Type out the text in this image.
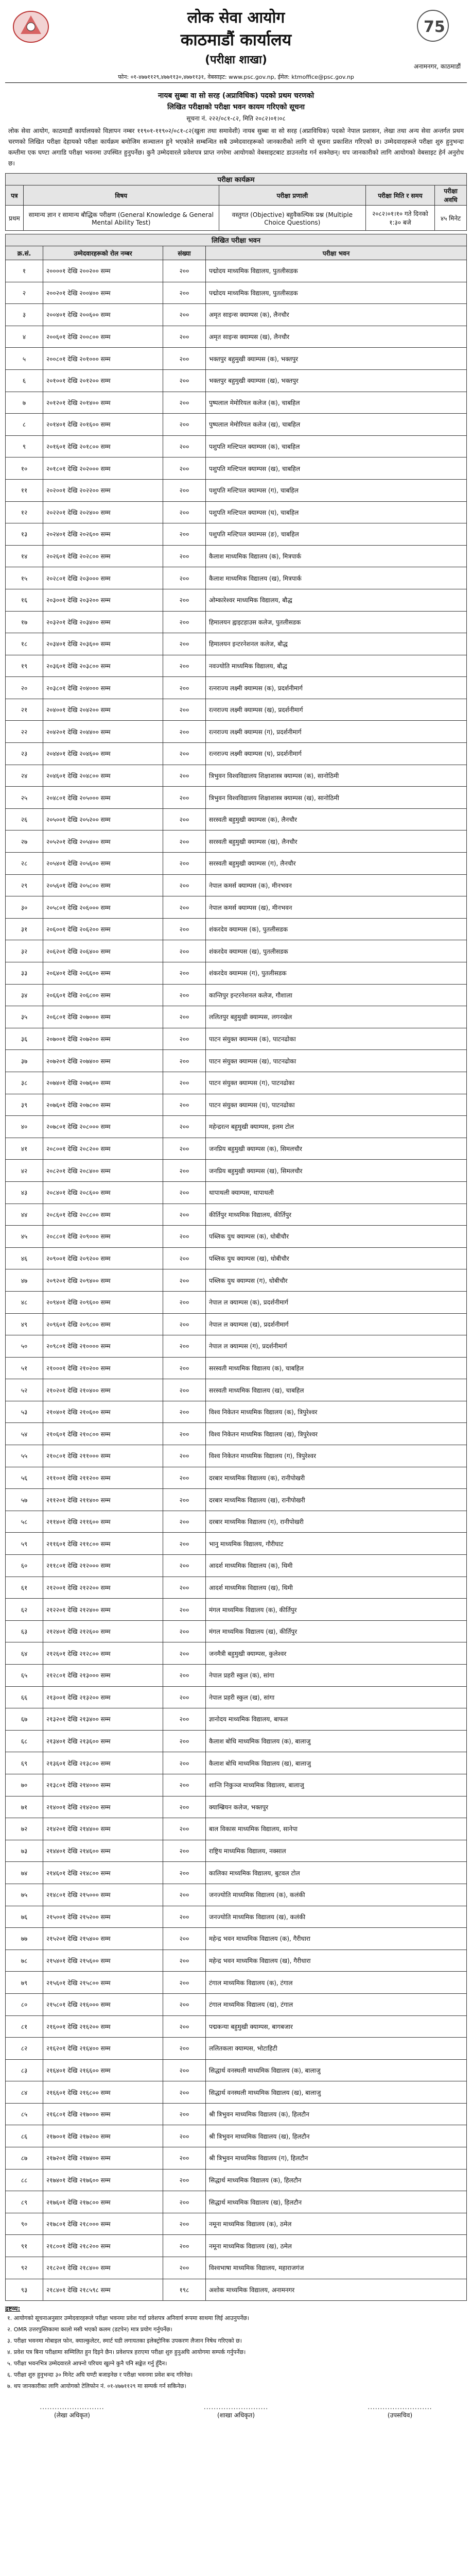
75
लोक सेवा आयोग
काठमाडौं कार्यालय
(परीक्षा शाखा)	अनामनगर, काठमाडौं
फोन: ०१-४७७११२९,४७७११३०,४७७११३१, वेबसाइट: www.psc.gov.np, ईमेल: ktmoffice@psc.gov.np
नायब सुब्बा वा सो सरह (अप्राविधिक) पदको प्रथम चरणको
लिखित परीक्षाको परीक्षा भवन कायम गरिएको सूचना
सूचना नं. २२२/०८१-८२, मिति २०८२।०१।०८
लोक सेवा आयोग, काठमाडौं कार्यालयको विज्ञापन नम्बर ११९०१-११९०२/०८१-८२(खुला तथा समावेशी) नायब सुब्बा वा सो सरह (अप्राविधिक) पदको नेपाल प्रशासन, लेखा तथा अन्य सेवा अन्तर्गत प्रथम चरणको लिखित परीक्षा देहायको परीक्षा कार्यक्रम बमोजिम सञ्चालन हुने भएकोले सम्बन्धित सबै उम्मेदवारहरूको जानकारीको लागि यो सूचना प्रकाशित गरिएको छ। उम्मेदवारहरूले परीक्षा शुरु हुनुभन्दा कम्तीमा एक घण्टा अगाडि परीक्षा भवनमा उपस्थित हुनुपर्नेछ। कुनै उम्मेदवारले प्रवेशपत्र प्राप्त नगरेमा आयोगको वेबसाइटबाट डाउनलोड गर्न सक्नेछन्। थप जानकारीको लागि आयोगको वेबसाइट हेर्न अनुरोध छ।
परीक्षा कार्यक्रम				
पत्र	विषय	परीक्षा प्रणाली	परीक्षा मिति र समय	परीक्षा अवधि
प्रथम	सामान्य ज्ञान र सामान्य बौद्धिक परीक्षण (General Knowledge & General Mental Ability Test)	वस्तुगत (Objective) बहुवैकल्पिक प्रश्न (Multiple Choice Questions)	२०८२।०१।१० गते दिनको १:३० बजे	४५ मिनेट
लिखित परीक्षा भवन
क्र.सं.	उम्मेदवारहरूको रोल नम्बर	संख्या	परीक्षा भवन
१	२००००१ देखि २००२०० सम्म	२००	पद्मोदय माध्यमिक विद्यालय, पुतलीसडक
२	२००२०१ देखि २००४०० सम्म	२००	पद्मोदय माध्यमिक विद्यालय, पुतलीसडक
३	२००४०१ देखि २००६०० सम्म	२००	अमृत साइन्स क्याम्पस (क), लैनचौर
४	२००६०१ देखि २००८०० सम्म	२००	अमृत साइन्स क्याम्पस (ख), लैनचौर
५	२००८०१ देखि २०१००० सम्म	२००	भक्तपुर बहुमुखी क्याम्पस (क), भक्तपुर
६	२०१००१ देखि २०१२०० सम्म	२००	भक्तपुर बहुमुखी क्याम्पस (ख), भक्तपुर
७	२०१२०१ देखि २०१४०० सम्म	२००	पुष्पलाल मेमोरियल कलेज (क), चाबहिल
८	२०१४०१ देखि २०१६०० सम्म	२००	पुष्पलाल मेमोरियल कलेज (ख), चाबहिल
९	२०१६०१ देखि २०१८०० सम्म	२००	पशुपति मल्टिपल क्याम्पस (क), चाबहिल
१०	२०१८०१ देखि २०२००० सम्म	२००	पशुपति मल्टिपल क्याम्पस (ख), चाबहिल
११	२०२००१ देखि २०२२०० सम्म	२००	पशुपति मल्टिपल क्याम्पस (ग), चाबहिल
१२	२०२२०१ देखि २०२४०० सम्म	२००	पशुपति मल्टिपल क्याम्पस (घ), चाबहिल
१३	२०२४०१ देखि २०२६०० सम्म	२००	पशुपति मल्टिपल क्याम्पस (ङ), चाबहिल
१४	२०२६०१ देखि २०२८०० सम्म	२००	कैलाश माध्यमिक विद्यालय (क), मित्रपार्क
१५	२०२८०१ देखि २०३००० सम्म	२००	कैलाश माध्यमिक विद्यालय (ख), मित्रपार्क
१६	२०३००१ देखि २०३२०० सम्म	२००	ओम्कारेश्वर माध्यमिक विद्यालय, बौद्ध
१७	२०३२०१ देखि २०३४०० सम्म	२००	हिमालयन ह्वाइटहाउस कलेज, पुतलीसडक
१८	२०३४०१ देखि २०३६०० सम्म	२००	हिमालयन इन्टरनेशनल कलेज, बौद्ध
१९	२०३६०१ देखि २०३८०० सम्म	२००	नवज्योति माध्यमिक विद्यालय, बौद्ध
२०	२०३८०१ देखि २०४००० सम्म	२००	रत्नराज्य लक्ष्मी क्याम्पस (क), प्रदर्शनीमार्ग
२१	२०४००१ देखि २०४२०० सम्म	२००	रत्नराज्य लक्ष्मी क्याम्पस (ख), प्रदर्शनीमार्ग
२२	२०४२०१ देखि २०४४०० सम्म	२००	रत्नराज्य लक्ष्मी क्याम्पस (ग), प्रदर्शनीमार्ग
२३	२०४४०१ देखि २०४६०० सम्म	२००	रत्नराज्य लक्ष्मी क्याम्पस (घ), प्रदर्शनीमार्ग
२४	२०४६०१ देखि २०४८०० सम्म	२००	त्रिभुवन विश्वविद्यालय शिक्षाशास्त्र क्याम्पस (क), सानोठिमी
२५	२०४८०१ देखि २०५००० सम्म	२००	त्रिभुवन विश्वविद्यालय शिक्षाशास्त्र क्याम्पस (ख), सानोठिमी
२६	२०५००१ देखि २०५२०० सम्म	२००	सरस्वती बहुमुखी क्याम्पस (क), लैनचौर
२७	२०५२०१ देखि २०५४०० सम्म	२००	सरस्वती बहुमुखी क्याम्पस (ख), लैनचौर
२८	२०५४०१ देखि २०५६०० सम्म	२००	सरस्वती बहुमुखी क्याम्पस (ग), लैनचौर
२९	२०५६०१ देखि २०५८०० सम्म	२००	नेपाल कमर्स क्याम्पस (क), मीनभवन
३०	२०५८०१ देखि २०६००० सम्म	२००	नेपाल कमर्स क्याम्पस (ख), मीनभवन
३१	२०६००१ देखि २०६२०० सम्म	२००	शंकरदेव क्याम्पस (क), पुतलीसडक
३२	२०६२०१ देखि २०६४०० सम्म	२००	शंकरदेव क्याम्पस (ख), पुतलीसडक
३३	२०६४०१ देखि २०६६०० सम्म	२००	शंकरदेव क्याम्पस (ग), पुतलीसडक
३४	२०६६०१ देखि २०६८०० सम्म	२००	कान्तिपुर इन्टरनेशनल कलेज, गौशाला
३५	२०६८०१ देखि २०७००० सम्म	२००	ललितपुर बहुमुखी क्याम्पस, लगनखेल
३६	२०७००१ देखि २०७२०० सम्म	२००	पाटन संयुक्त क्याम्पस (क), पाटनढोका
३७	२०७२०१ देखि २०७४०० सम्म	२००	पाटन संयुक्त क्याम्पस (ख), पाटनढोका
३८	२०७४०१ देखि २०७६०० सम्म	२००	पाटन संयुक्त क्याम्पस (ग), पाटनढोका
३९	२०७६०१ देखि २०७८०० सम्म	२००	पाटन संयुक्त क्याम्पस (घ), पाटनढोका
४०	२०७८०१ देखि २०८००० सम्म	२००	महेन्द्ररत्न बहुमुखी क्याम्पस, इलम टोल
४१	२०८००१ देखि २०८२०० सम्म	२००	जनप्रिय बहुमुखी क्याम्पस (क), सिमलचौर
४२	२०८२०१ देखि २०८४०० सम्म	२००	जनप्रिय बहुमुखी क्याम्पस (ख), सिमलचौर
४३	२०८४०१ देखि २०८६०० सम्म	२००	थापाथली क्याम्पस, थापाथली
४४	२०८६०१ देखि २०८८०० सम्म	२००	कीर्तिपुर माध्यमिक विद्यालय, कीर्तिपुर
४५	२०८८०१ देखि २०९००० सम्म	२००	पब्लिक युथ क्याम्पस (क), धोबीचौर
४६	२०९००१ देखि २०९२०० सम्म	२००	पब्लिक युथ क्याम्पस (ख), धोबीचौर
४७	२०९२०१ देखि २०९४०० सम्म	२००	पब्लिक युथ क्याम्पस (ग), धोबीचौर
४८	२०९४०१ देखि २०९६०० सम्म	२००	नेपाल ल क्याम्पस (क), प्रदर्शनीमार्ग
४९	२०९६०१ देखि २०९८०० सम्म	२००	नेपाल ल क्याम्पस (ख), प्रदर्शनीमार्ग
५०	२०९८०१ देखि २१०००० सम्म	२००	नेपाल ल क्याम्पस (ग), प्रदर्शनीमार्ग
५१	२१०००१ देखि २१०२०० सम्म	२००	सरस्वती माध्यमिक विद्यालय (क), चाबहिल
५२	२१०२०१ देखि २१०४०० सम्म	२००	सरस्वती माध्यमिक विद्यालय (ख), चाबहिल
५३	२१०४०१ देखि २१०६०० सम्म	२००	विश्व निकेतन माध्यमिक विद्यालय (क), त्रिपुरेश्वर
५४	२१०६०१ देखि २१०८०० सम्म	२००	विश्व निकेतन माध्यमिक विद्यालय (ख), त्रिपुरेश्वर
५५	२१०८०१ देखि २११००० सम्म	२००	विश्व निकेतन माध्यमिक विद्यालय (ग), त्रिपुरेश्वर
५६	२११००१ देखि २११२०० सम्म	२००	दरबार माध्यमिक विद्यालय (क), रानीपोखरी
५७	२११२०१ देखि २११४०० सम्म	२००	दरबार माध्यमिक विद्यालय (ख), रानीपोखरी
५८	२११४०१ देखि २११६०० सम्म	२००	दरबार माध्यमिक विद्यालय (ग), रानीपोखरी
५९	२११६०१ देखि २११८०० सम्म	२००	भानु माध्यमिक विद्यालय, गौरीघाट
६०	२११८०१ देखि २१२००० सम्म	२००	आदर्श माध्यमिक विद्यालय (क), थिमी
६१	२१२००१ देखि २१२२०० सम्म	२००	आदर्श माध्यमिक विद्यालय (ख), थिमी
६२	२१२२०१ देखि २१२४०० सम्म	२००	मंगल माध्यमिक विद्यालय (क), कीर्तिपुर
६३	२१२४०१ देखि २१२६०० सम्म	२००	मंगल माध्यमिक विद्यालय (ख), कीर्तिपुर
६४	२१२६०१ देखि २१२८०० सम्म	२००	जनमैत्री बहुमुखी क्याम्पस, कुलेश्वर
६५	२१२८०१ देखि २१३००० सम्म	२००	नेपाल प्रहरी स्कुल (क), सांगा
६६	२१३००१ देखि २१३२०० सम्म	२००	नेपाल प्रहरी स्कुल (ख), सांगा
६७	२१३२०१ देखि २१३४०० सम्म	२००	ज्ञानोदय माध्यमिक विद्यालय, बाफल
६८	२१३४०१ देखि २१३६०० सम्म	२००	कैलाश बोधि माध्यमिक विद्यालय (क), बालाजु
६९	२१३६०१ देखि २१३८०० सम्म	२००	कैलाश बोधि माध्यमिक विद्यालय (ख), बालाजु
७०	२१३८०१ देखि २१४००० सम्म	२००	शान्ति निकुञ्ज माध्यमिक विद्यालय, बालाजु
७१	२१४००१ देखि २१४२०० सम्म	२००	क्याम्ब्रियन कलेज, भक्तपुर
७२	२१४२०१ देखि २१४४०० सम्म	२००	बाल विकास माध्यमिक विद्यालय, सानेपा
७३	२१४४०१ देखि २१४६०० सम्म	२००	राष्ट्रिय माध्यमिक विद्यालय, नक्साल
७४	२१४६०१ देखि २१४८०० सम्म	२००	कालिका माध्यमिक विद्यालय, बुटवल टोल
७५	२१४८०१ देखि २१५००० सम्म	२००	जनज्योति माध्यमिक विद्यालय (क), कलंकी
७६	२१५००१ देखि २१५२०० सम्म	२००	जनज्योति माध्यमिक विद्यालय (ख), कलंकी
७७	२१५२०१ देखि २१५४०० सम्म	२००	महेन्द्र भवन माध्यमिक विद्यालय (क), गैरीधारा
७८	२१५४०१ देखि २१५६०० सम्म	२००	महेन्द्र भवन माध्यमिक विद्यालय (ख), गैरीधारा
७९	२१५६०१ देखि २१५८०० सम्म	२००	टंगाल माध्यमिक विद्यालय (क), टंगाल
८०	२१५८०१ देखि २१६००० सम्म	२००	टंगाल माध्यमिक विद्यालय (ख), टंगाल
८१	२१६००१ देखि २१६२०० सम्म	२००	पद्मकन्या बहुमुखी क्याम्पस, बागबजार
८२	२१६२०१ देखि २१६४०० सम्म	२००	ललितकला क्याम्पस, भोटाहिटी
८३	२१६४०१ देखि २१६६०० सम्म	२००	सिद्धार्थ वनस्थली माध्यमिक विद्यालय (क), बालाजु
८४	२१६६०१ देखि २१६८०० सम्म	२००	सिद्धार्थ वनस्थली माध्यमिक विद्यालय (ख), बालाजु
८५	२१६८०१ देखि २१७००० सम्म	२००	श्री त्रिभुवन माध्यमिक विद्यालय (क), हिलटौन
८६	२१७००१ देखि २१७२०० सम्म	२००	श्री त्रिभुवन माध्यमिक विद्यालय (ख), हिलटौन
८७	२१७२०१ देखि २१७४०० सम्म	२००	श्री त्रिभुवन माध्यमिक विद्यालय (ग), हिलटौन
८८	२१७४०१ देखि २१७६०० सम्म	२००	सिद्धार्थ माध्यमिक विद्यालय (क), हिलटौन
८९	२१७६०१ देखि २१७८०० सम्म	२००	सिद्धार्थ माध्यमिक विद्यालय (ख), हिलटौन
९०	२१७८०१ देखि २१८००० सम्म	२००	नमूना माध्यमिक विद्यालय (क), ठमेल
९१	२१८००१ देखि २१८२०० सम्म	२००	नमूना माध्यमिक विद्यालय (ख), ठमेल
९२	२१८२०१ देखि २१८४०० सम्म	२००	विश्वभाषा माध्यमिक विद्यालय, महाराजगंज
९३	२१८४०१ देखि २१८५९८ सम्म	१९८	अशोक माध्यमिक विद्यालय, अनामनगर
द्रष्टव्य:

१. आयोगको सूचनाअनुसार उम्मेदवारहरूले परीक्षा भवनमा प्रवेश गर्दा प्रवेशपत्र अनिवार्य रूपमा साथमा लिई आउनुपर्नेछ।

२. OMR उत्तरपुस्तिकामा कालो मसी भएको कलम (डटपेन) मात्र प्रयोग गर्नुपर्नेछ।

३. परीक्षा भवनमा मोबाइल फोन, क्याल्कुलेटर, स्मार्ट घडी लगायतका इलेक्ट्रोनिक उपकरण लैजान निषेध गरिएको छ।

४. प्रवेश पत्र बिना परीक्षामा सम्मिलित हुन दिइने छैन। प्रवेशपत्र हराएमा परीक्षा शुरु हुनुअघि आयोगमा सम्पर्क गर्नुपर्नेछ।

५. परीक्षा भवनभित्र उम्मेदवारले आफ्नो परिचय खुल्ने कुनै पनि सङ्केत गर्नु हुँदैन।

६. परीक्षा शुरु हुनुभन्दा ३० मिनेट अघि घण्टी बजाइनेछ र परीक्षा भवनमा प्रवेश बन्द गरिनेछ।

७. थप जानकारीका लागि आयोगको टेलिफोन नं. ०१-४७७११२९ मा सम्पर्क गर्न सकिनेछ।

..........................
(लेखा अधिकृत)
..........................
(शाखा अधिकृत)
..........................
(उपसचिव)
